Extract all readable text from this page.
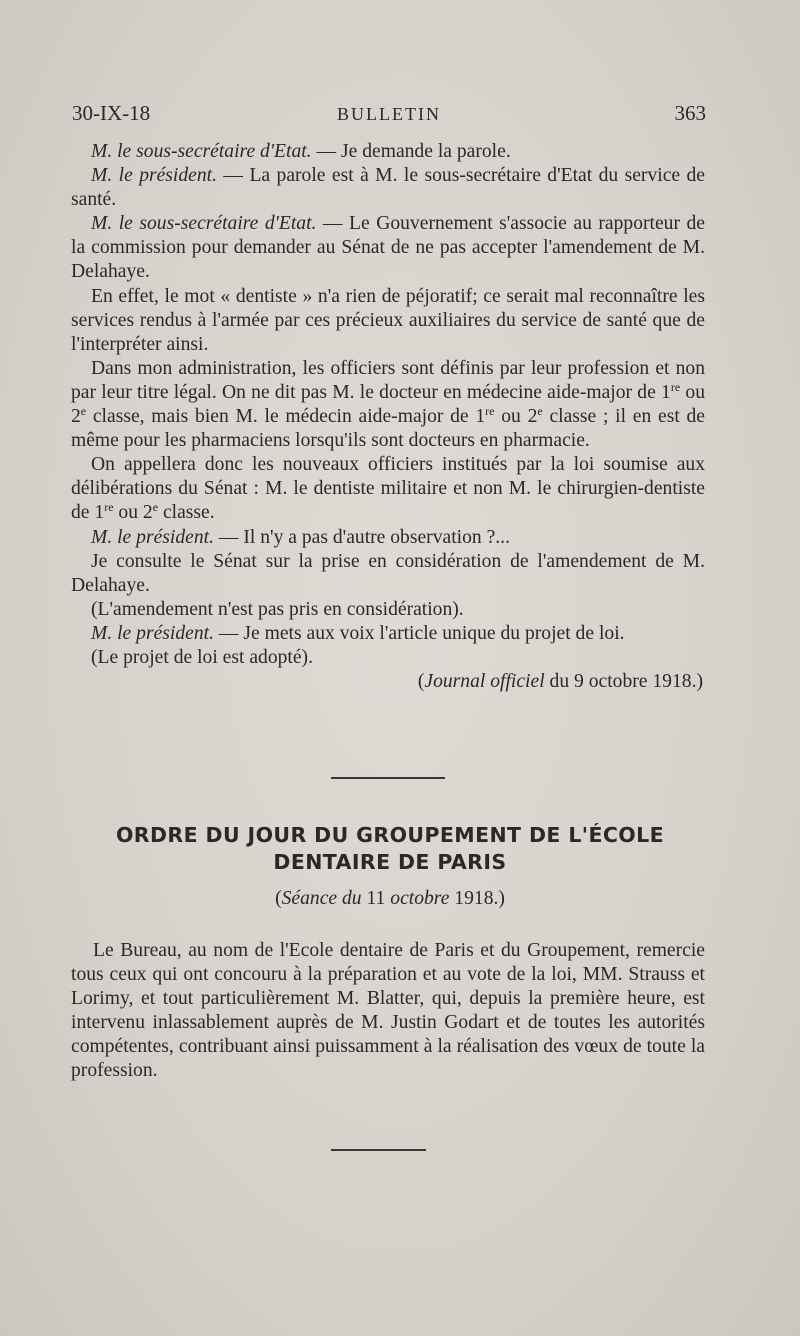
30-IX-18	BULLETIN	363

M. le sous-secrétaire d'Etat. — Je demande la parole.

M. le président. — La parole est à M. le sous-secrétaire d'Etat du service de santé.

M. le sous-secrétaire d'Etat. — Le Gouvernement s'associe au rapporteur de la commission pour demander au Sénat de ne pas accepter l'amendement de M. Delahaye.

En effet, le mot « dentiste » n'a rien de péjoratif; ce serait mal reconnaître les services rendus à l'armée par ces précieux auxiliaires du service de santé que de l'interpréter ainsi.

Dans mon administration, les officiers sont définis par leur profession et non par leur titre légal. On ne dit pas M. le docteur en médecine aide-major de 1re ou 2e classe, mais bien M. le médecin aide-major de 1re ou 2e classe ; il en est de même pour les pharmaciens lorsqu'ils sont docteurs en pharmacie.

On appellera donc les nouveaux officiers institués par la loi soumise aux délibérations du Sénat : M. le dentiste militaire et non M. le chirurgien-dentiste de 1re ou 2e classe.

M. le président. — Il n'y a pas d'autre observation ?...

Je consulte le Sénat sur la prise en considération de l'amendement de M. Delahaye.

(L'amendement n'est pas pris en considération).

M. le président. — Je mets aux voix l'article unique du projet de loi.

(Le projet de loi est adopté).

(Journal officiel du 9 octobre 1918.)

ORDRE DU JOUR DU GROUPEMENT DE L'ÉCOLE
DENTAIRE DE PARIS
(Séance du 11 octobre 1918.)

Le Bureau, au nom de l'Ecole dentaire de Paris et du Groupement, remercie tous ceux qui ont concouru à la préparation et au vote de la loi, MM. Strauss et Lorimy, et tout particulièrement M. Blatter, qui, depuis la première heure, est intervenu inlassablement auprès de M. Justin Godart et de toutes les autorités compétentes, contribuant ainsi puissamment à la réalisation des vœux de toute la profession.
